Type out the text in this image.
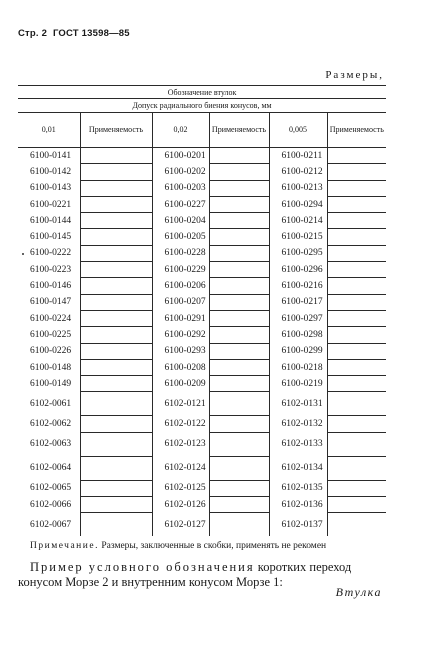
Стр. 2 ГОСТ 13598—85
Размеры,
Обозначение втулок					
Допуск радиального биения конусов, мм					
0,01	Применяемость	0,02	Применяемость	0,005	Применяемость
6100-0141		6100-0201		6100-0211	
6100-0142		6100-0202		6100-0212	
6100-0143		6100-0203		6100-0213	
6100-0221		6100-0227		6100-0294	
6100-0144		6100-0204		6100-0214	
6100-0145		6100-0205		6100-0215	
6100-0222		6100-0228		6100-0295	
6100-0223		6100-0229		6100-0296	
6100-0146		6100-0206		6100-0216	
6100-0147		6100-0207		6100-0217	
6100-0224		6100-0291		6100-0297	
6100-0225		6100-0292		6100-0298	
6100-0226		6100-0293		6100-0299	
6100-0148		6100-0208		6100-0218	
6100-0149		6100-0209		6100-0219	
6102-0061		6102-0121		6102-0131	
6102-0062		6102-0122		6102-0132	
6102-0063		6102-0123		6102-0133	
6102-0064		6102-0124		6102-0134	
6102-0065		6102-0125		6102-0135	
6102-0066		6102-0126		6102-0136	
6102-0067		6102-0127		6102-0137	
Примечание. Размеры, заключенные в скобки, применять не рекомен
Пример условного обозначения коротких переход
конусом Морзе 2 и внутренним конусом Морзе 1:
Втулка
